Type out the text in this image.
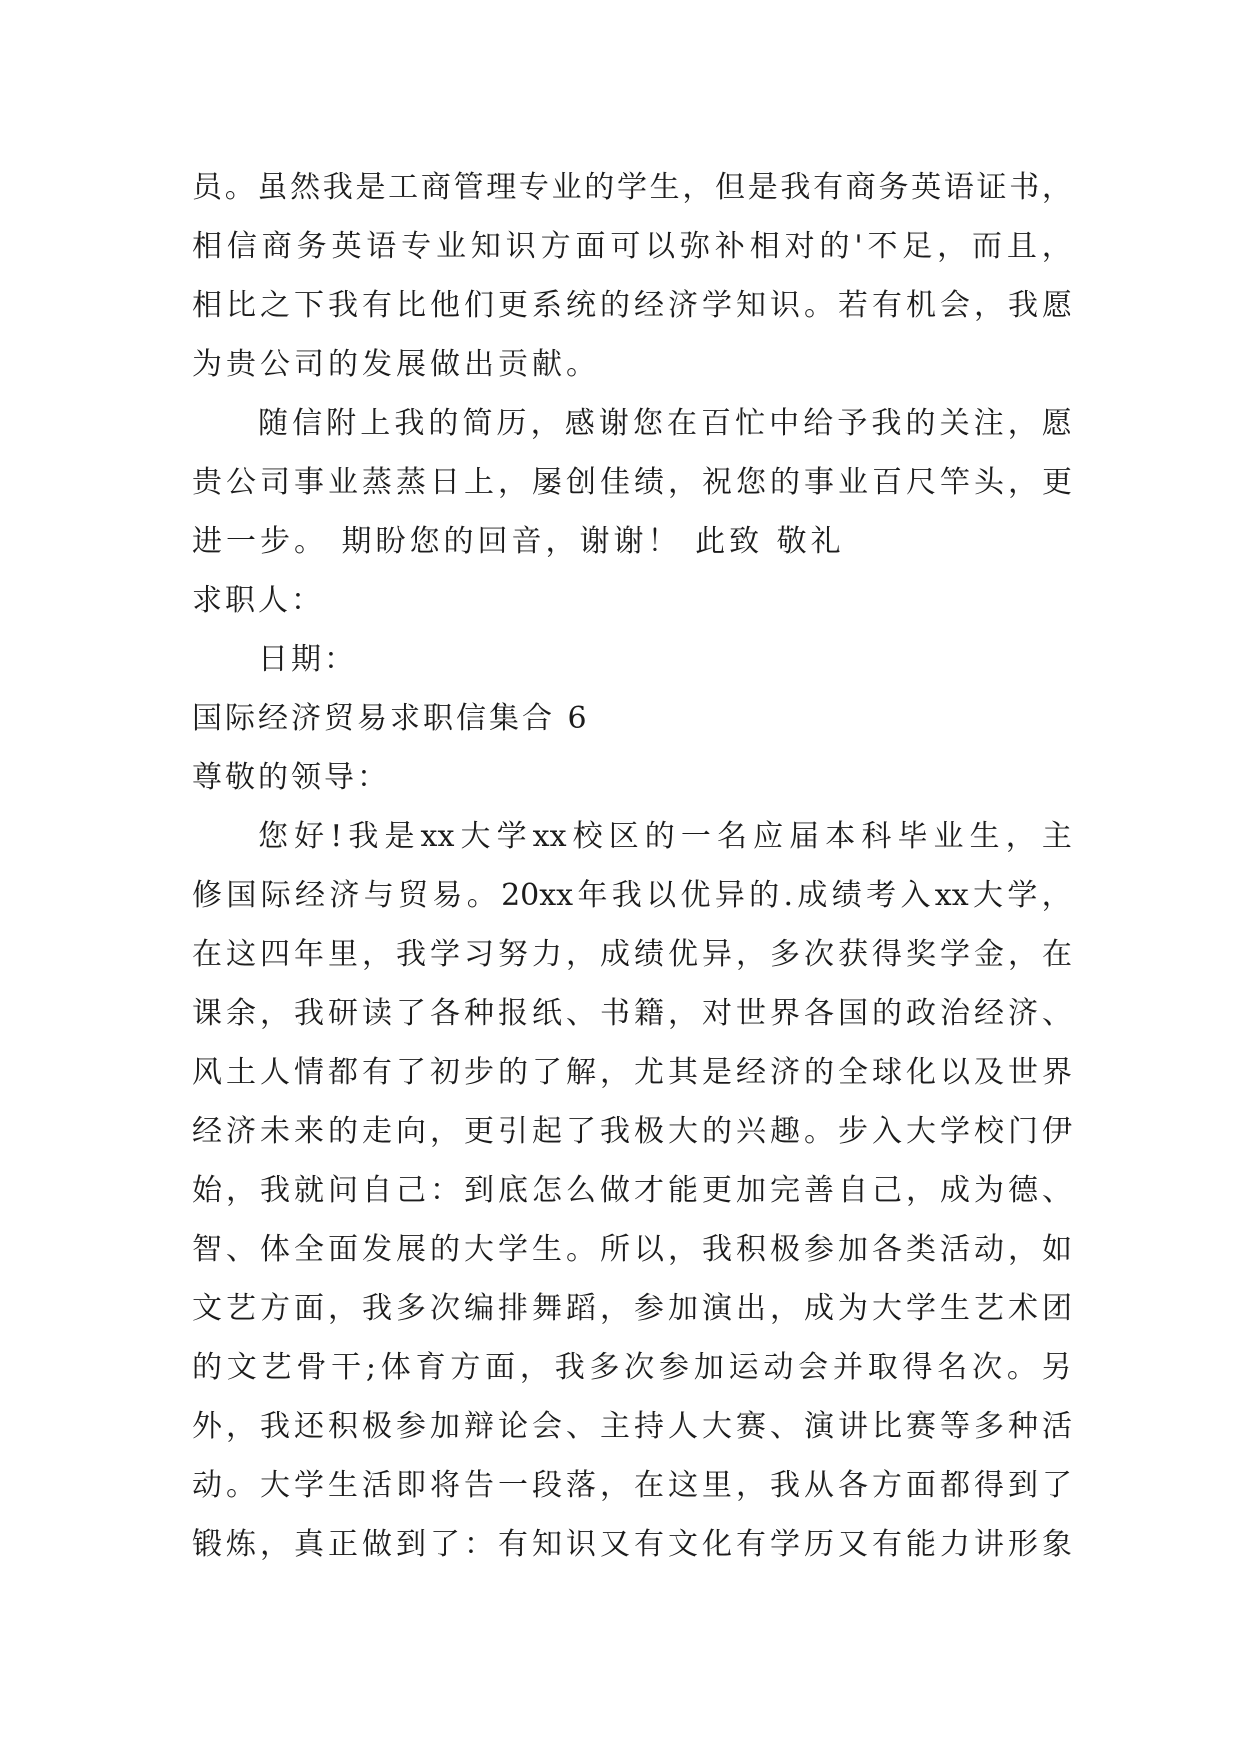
员 。 虽 然 我 是 工 商 管 理 专 业 的 学 生 ， 但 是 我 有 商 务 英 语 证 书 ，
相 信 商 务 英 语 专 业 知 识 方 面 可 以 弥 补 相 对 的 ' 不 足 ， 而 且 ，
相 比 之 下 我 有 比 他 们 更 系 统 的 经 济 学 知 识 。 若 有 机 会 ， 我 愿
为贵公司的发展做出贡献。
随 信 附 上 我 的 简 历 ， 感 谢 您 在 百 忙 中 给 予 我 的 关 注 ， 愿
贵 公 司 事 业 蒸 蒸 日 上 ， 屡 创 佳 绩 ， 祝 您 的 事 业 百 尺 竿 头 ， 更
进一步。 期盼您的回音，谢谢！ 此致 敬礼
求职人：
日期：
国际经济贸易求职信集合 6
尊敬的领导：
您 好 ! 我 是 xx 大 学 xx 校 区 的 一 名 应 届 本 科 毕 业 生 ， 主
修 国 际 经 济 与 贸 易 。 20xx 年 我 以 优 异 的 . 成 绩 考 入 xx 大 学 ，
在 这 四 年 里 ， 我 学 习 努 力 ， 成 绩 优 异 ， 多 次 获 得 奖 学 金 ， 在
课 余 ， 我 研 读 了 各 种 报 纸 、 书 籍 ， 对 世 界 各 国 的 政 治 经 济 、
风 土 人 情 都 有 了 初 步 的 了 解 ， 尤 其 是 经 济 的 全 球 化 以 及 世 界
经 济 未 来 的 走 向 ， 更 引 起 了 我 极 大 的 兴 趣 。 步 入 大 学 校 门 伊
始 ， 我 就 问 自 己 ： 到 底 怎 么 做 才 能 更 加 完 善 自 己 ， 成 为 德 、
智 、 体 全 面 发 展 的 大 学 生 。 所 以 ， 我 积 极 参 加 各 类 活 动 ， 如
文 艺 方 面 ， 我 多 次 编 排 舞 蹈 ， 参 加 演 出 ， 成 为 大 学 生 艺 术 团
的 文 艺 骨 干 ; 体 育 方 面 ， 我 多 次 参 加 运 动 会 并 取 得 名 次 。 另
外 ， 我 还 积 极 参 加 辩 论 会 、 主 持 人 大 赛 、 演 讲 比 赛 等 多 种 活
动 。 大 学 生 活 即 将 告 一 段 落 ， 在 这 里 ， 我 从 各 方 面 都 得 到 了
锻 炼 ， 真 正 做 到 了 ： 有 知 识 又 有 文 化 有 学 历 又 有 能 力 讲 形 象
